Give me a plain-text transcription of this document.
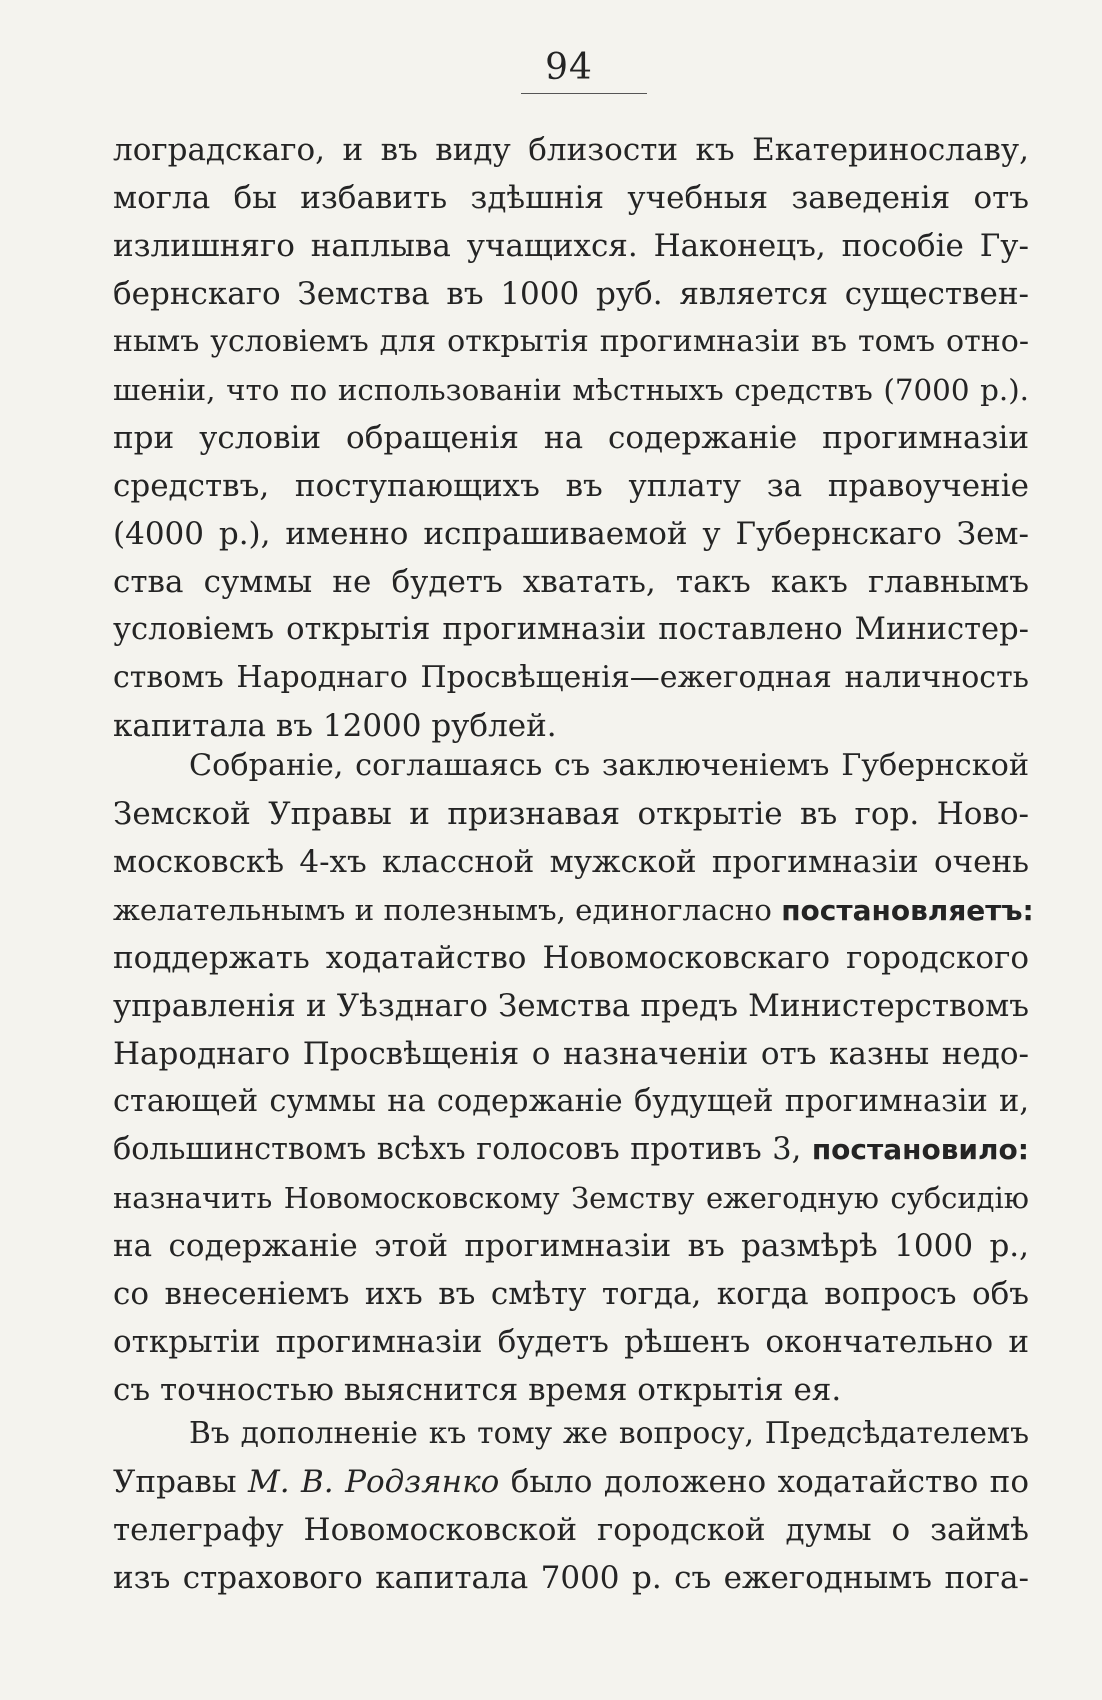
94
лоградскаго, и въ виду близости къ Екатеринославу,
могла бы избавить здѣшнія учебныя заведенія отъ
излишняго наплыва учащихся. Наконецъ, пособіе Гу-
бернскаго Земства въ 1000 руб. является существен-
нымъ условіемъ для открытія прогимназіи въ томъ отно-
шеніи, что по использованіи мѣстныхъ средствъ (7000 р.).
при условіи обращенія на содержаніе прогимназіи
средствъ, поступающихъ въ уплату за правоученіе
(4000 р.), именно испрашиваемой у Губернскаго Зем-
ства суммы не будетъ хватать, такъ какъ главнымъ
условіемъ открытія прогимназіи поставлено Министер-
ствомъ Народнаго Просвѣщенія—ежегодная наличность
капитала въ 12000 рублей.
Собраніе, соглашаясь съ заключеніемъ Губернской
Земской Управы и признавая открытіе въ гор. Ново-
московскѣ 4-хъ классной мужской прогимназіи очень
желательнымъ и полезнымъ, единогласно постановляетъ:
поддержать ходатайство Новомосковскаго городского
управленія и Уѣзднаго Земства предъ Министерствомъ
Народнаго Просвѣщенія о назначеніи отъ казны недо-
стающей суммы на содержаніе будущей прогимназіи и,
большинствомъ всѣхъ голосовъ противъ 3, постановило:
назначить Новомосковскому Земству ежегодную субсидію
на содержаніе этой прогимназіи въ размѣрѣ 1000 р.,
со внесеніемъ ихъ въ смѣту тогда, когда вопросъ объ
открытіи прогимназіи будетъ рѣшенъ окончательно и
съ точностью выяснится время открытія ея.
Въ дополненіе къ тому же вопросу, Предсѣдателемъ
Управы М. В. Родзянко было доложено ходатайство по
телеграфу Новомосковской городской думы о займѣ
изъ страхового капитала 7000 р. съ ежегоднымъ пога-
